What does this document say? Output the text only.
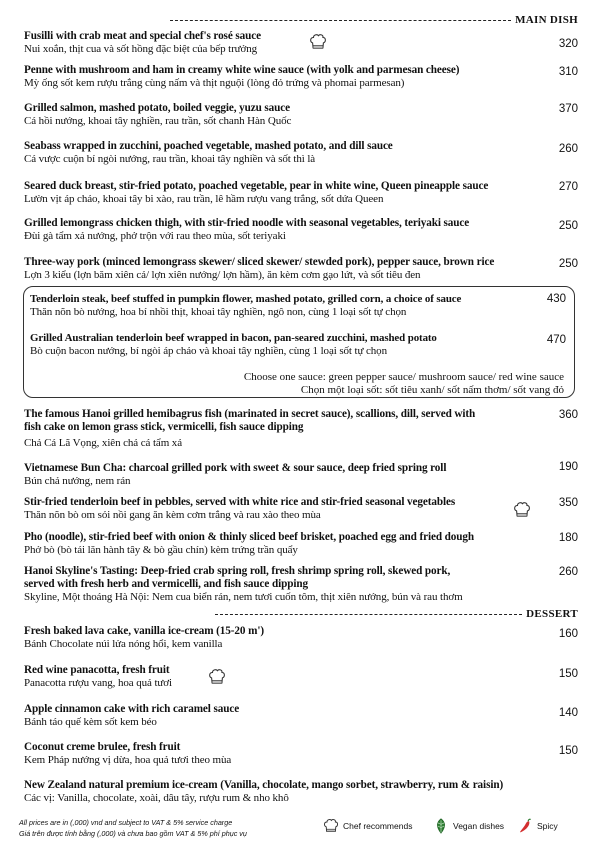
MAIN DISH
Fusilli with crab meat and special chef's rosé sauce
Nui xoắn, thịt cua và sốt hồng đặc biệt của bếp trưởng	320
Penne with mushroom and ham in creamy white wine sauce (with yolk and parmesan cheese)
Mỳ ống sốt kem rượu trắng cùng nấm và thịt nguội (lòng đỏ trứng và phomai parmesan)
310
Grilled salmon, mashed potato, boiled veggie, yuzu sauce
Cá hồi nướng, khoai tây nghiền, rau trần, sốt chanh Hàn Quốc
370
Seabass wrapped in zucchini, poached vegetable, mashed potato, and dill sauce
Cá vược cuộn bí ngòi nướng, rau trần, khoai tây nghiền và sốt thì là
260
Seared duck breast, stir-fried potato, poached vegetable, pear in white wine, Queen pineapple sauce
Lườn vịt áp chảo, khoai tây bi xào, rau trần, lê hầm rượu vang trắng, sốt dứa Queen
270
Grilled lemongrass chicken thigh, with stir-fried noodle with seasonal vegetables, teriyaki sauce
Đùi gà tẩm xả nướng, phở trộn với rau theo mùa, sốt teriyaki
250
Three-way pork (minced lemongrass skewer/ sliced skewer/ stewded pork), pepper sauce, brown rice
Lợn 3 kiểu (lợn băm xiên cả/ lợn xiên nướng/ lợn hầm), ăn kèm cơm gạo lứt, và sốt tiêu đen
250
Tenderloin steak, beef stuffed in pumpkin flower, mashed potato, grilled corn, a choice of sauce
Thăn nõn bò nướng, hoa bí nhồi thịt, khoai tây nghiền, ngô non, cùng 1 loại sốt tự chọn
430
Grilled Australian tenderloin beef wrapped in bacon, pan-seared zucchini, mashed potato
Bò cuộn bacon nướng, bí ngòi áp chảo và khoai tây nghiền, cùng 1 loại sốt tự chọn
470
Choose one sauce: green pepper sauce/ mushroom sauce/ red wine sauce
Chọn một loại sốt: sốt tiêu xanh/ sốt nấm thơm/ sốt vang đỏ
The famous Hanoi grilled hemibagrus fish (marinated in secret sauce), scallions, dill, served with
fish cake on lemon grass stick, vermicelli, fish sauce dipping
Chả Cá Lã Vọng, xiên chả cá tẩm xả
360
Vietnamese Bun Cha: charcoal grilled pork with sweet & sour sauce, deep fried spring roll
Bún chả nướng, nem rán
190
Stir-fried tenderloin beef in pebbles, served with white rice and stir-fried seasonal vegetables
Thăn nõn bò om sỏi nồi gang ăn kèm cơm trắng và rau xào theo mùa
350
Pho (noodle), stir-fried beef with onion & thinly sliced beef brisket, poached egg and fried dough
Phở bò (bò tái lăn hành tây & bò gầu chín) kèm trứng trần quẩy
180
Hanoi Skyline's Tasting: Deep-fried crab spring roll, fresh shrimp spring roll, skewed pork,
served with fresh herb and vermicelli, and fish sauce dipping
Skyline, Một thoáng Hà Nội: Nem cua biển rán, nem tươi cuốn tôm, thịt xiên nướng, bún và rau thơm
260
DESSERT
Fresh baked lava cake, vanilla ice-cream (15-20 m')
Bánh Chocolate núi lửa nóng hổi, kem vanilla
160
Red wine panacotta, fresh fruit
Panacotta rượu vang, hoa quả tươi
150
Apple cinnamon cake with rich caramel sauce
Bánh táo quế kèm sốt kem béo
140
Coconut creme brulee, fresh fruit
Kem Pháp nướng vị dừa, hoa quả tươi theo mùa
150
New Zealand natural premium ice-cream (Vanilla, chocolate, mango sorbet, strawberry, rum & raisin)
Các vị: Vanilla, chocolate, xoài, dâu tây, rượu rum & nho khô
All prices are in (,000) vnd and subject to VAT & 5% service charge
Giá trên được tính bằng (,000) và chưa bao gồm VAT & 5% phí phục vụ
Chef recommends	Vegan dishes	Spicy
